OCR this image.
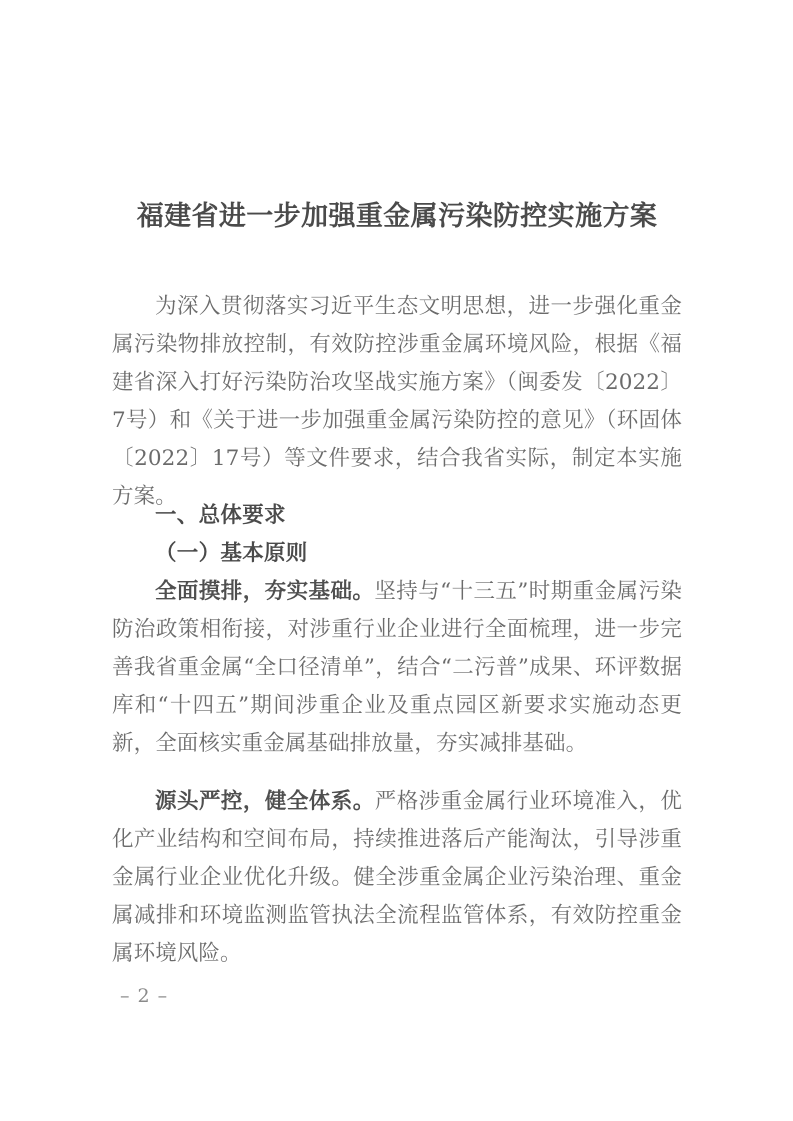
福建省进一步加强重金属污染防控实施方案

为深入贯彻落实习近平生态文明思想，进一步强化重金属污染物排放控制，有效防控涉重金属环境风险，根据《福建省深入打好污染防治攻坚战实施方案》（闽委发〔2022〕7号）和《关于进一步加强重金属污染防控的意见》（环固体〔2022〕17号）等文件要求，结合我省实际，制定本实施方案。

一、总体要求
（一）基本原则

全面摸排，夯实基础。坚持与“十三五”时期重金属污染防治政策相衔接，对涉重行业企业进行全面梳理，进一步完善我省重金属“全口径清单”，结合“二污普”成果、环评数据库和“十四五”期间涉重企业及重点园区新要求实施动态更新，全面核实重金属基础排放量，夯实减排基础。

源头严控，健全体系。严格涉重金属行业环境准入，优化产业结构和空间布局，持续推进落后产能淘汰，引导涉重金属行业企业优化升级。健全涉重金属企业污染治理、重金属减排和环境监测监管执法全流程监管体系，有效防控重金属环境风险。

– 2 –
